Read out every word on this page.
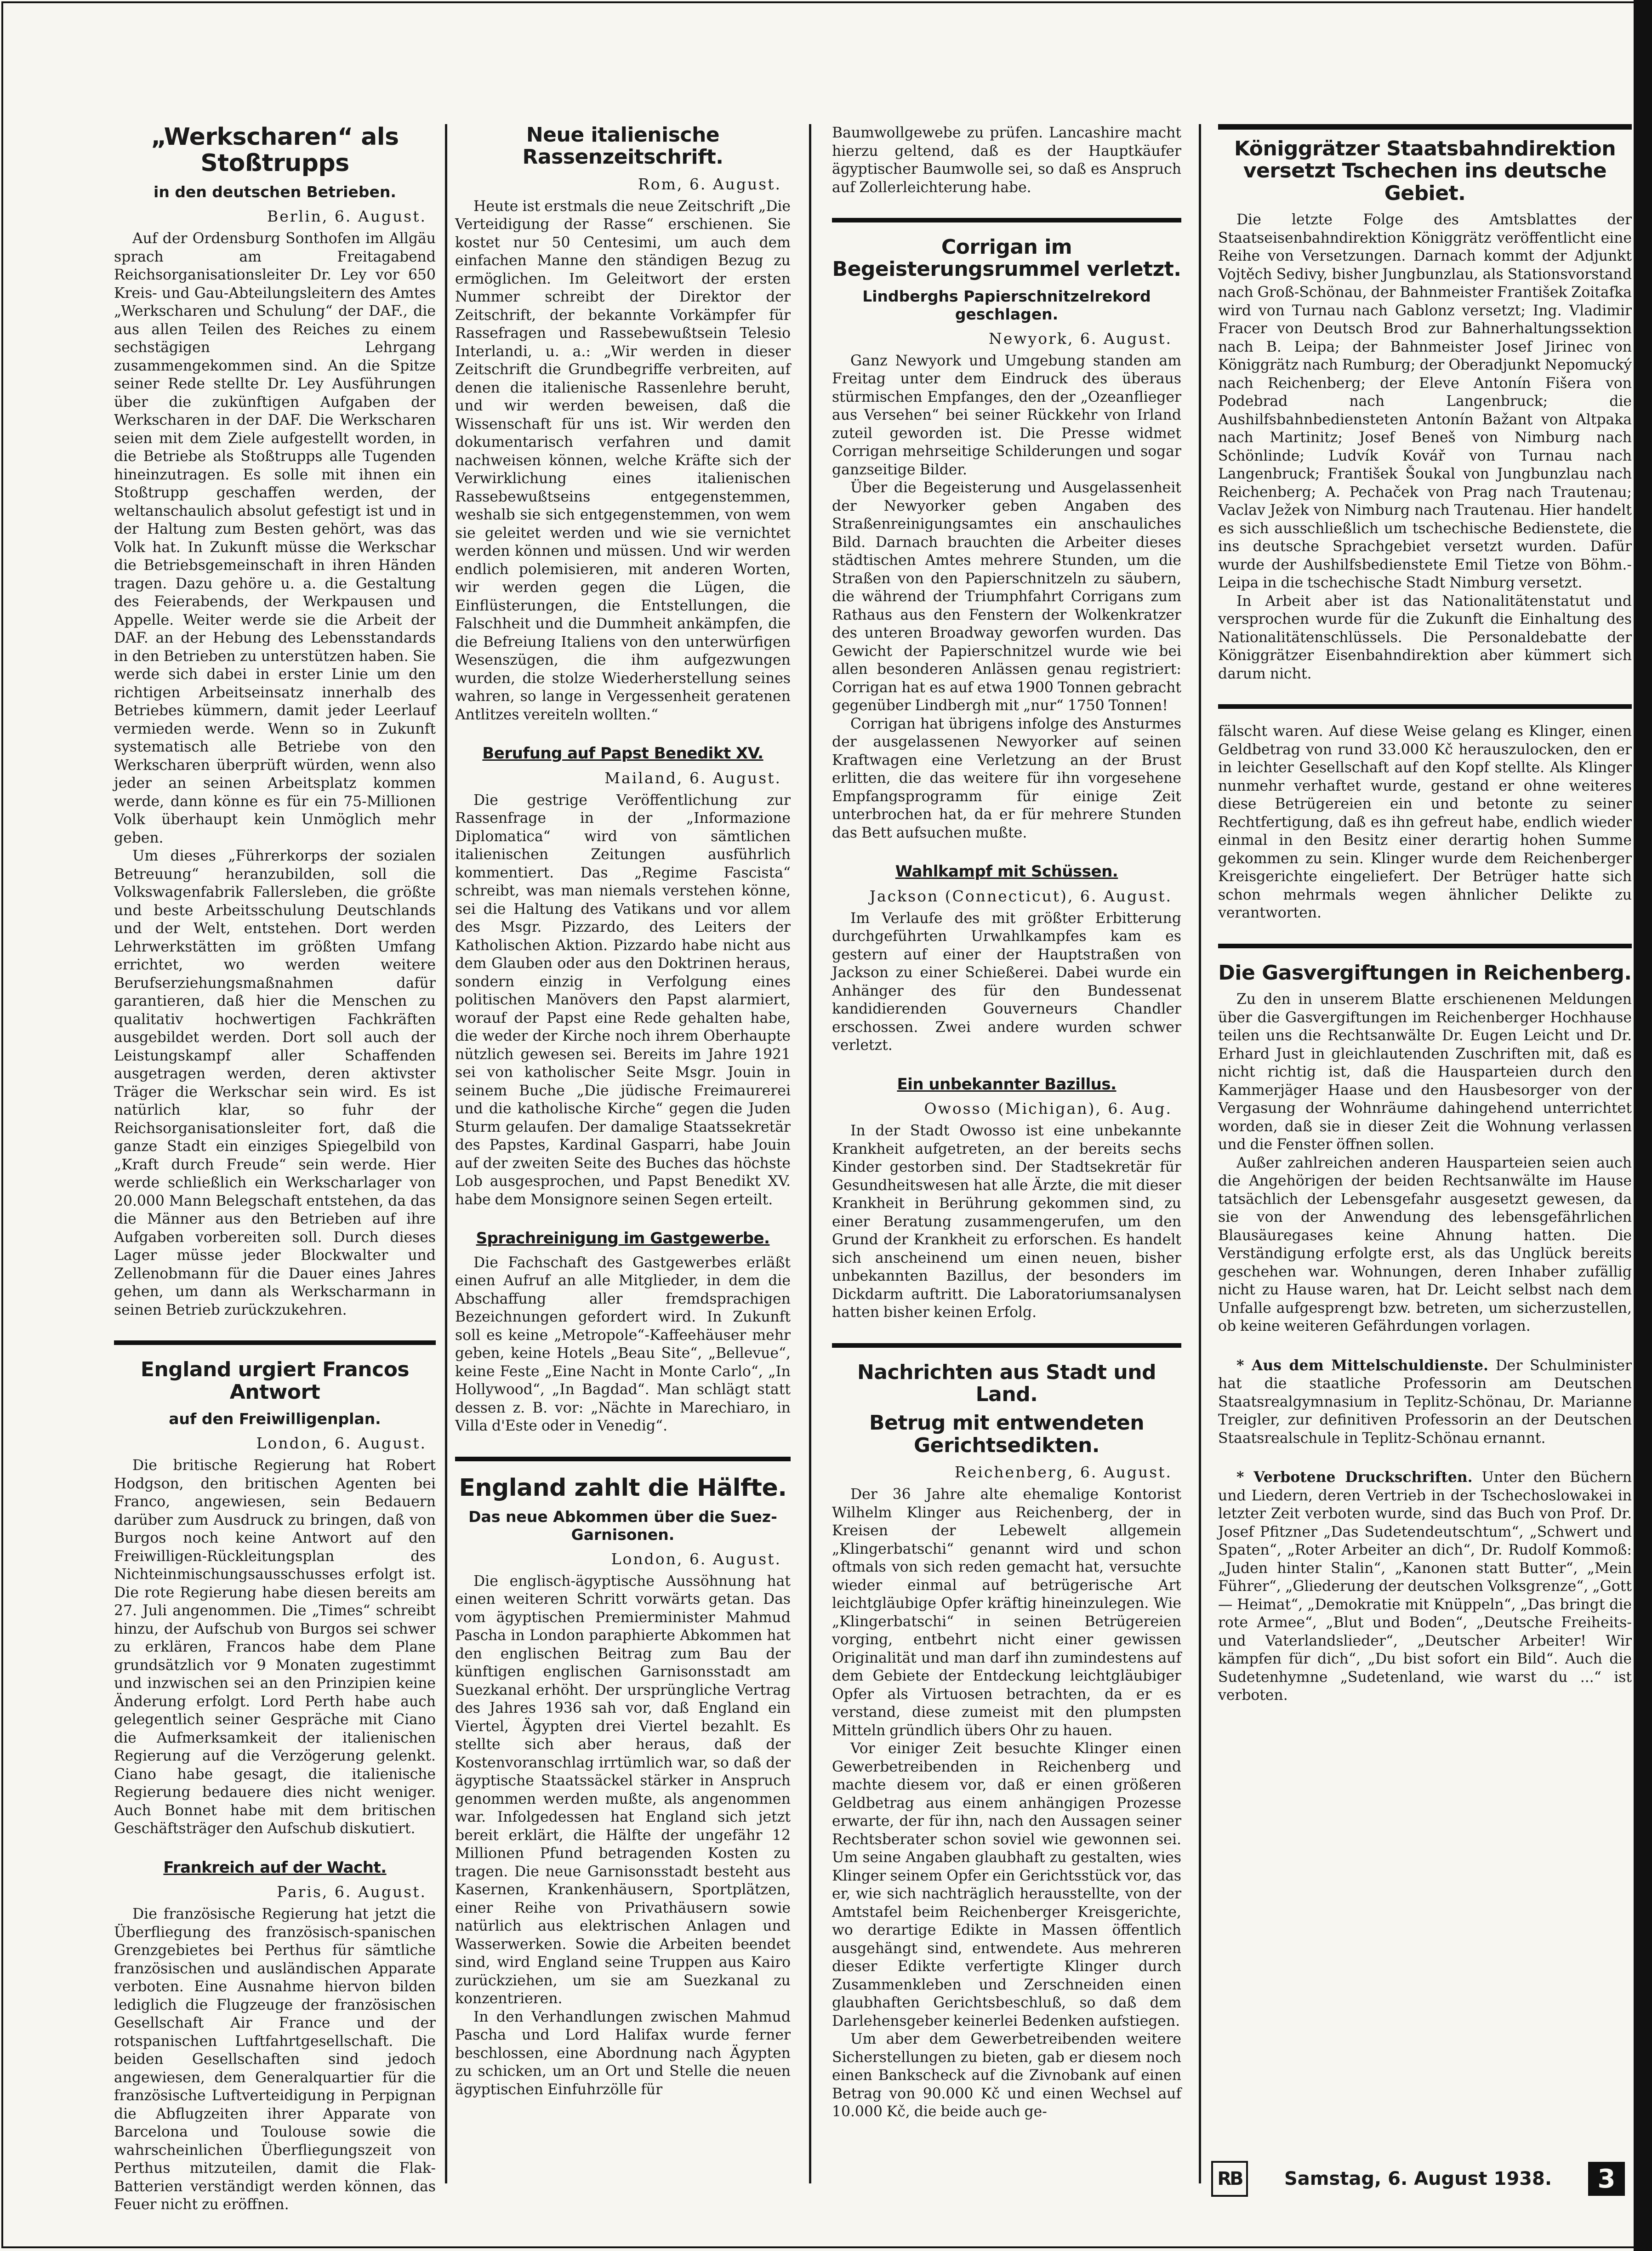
„Werkscharen“ als Stoßtrupps
in den deutschen Betrieben.
Berlin, 6. August.

Auf der Ordensburg Sonthofen im Allgäu sprach am Freitagabend Reichsorganisationsleiter Dr. Ley vor 650 Kreis- und Gau-Abteilungsleitern des Amtes „Werkscharen und Schulung“ der DAF., die aus allen Teilen des Reiches zu einem sechstägigen Lehrgang zusammengekommen sind. An die Spitze seiner Rede stellte Dr. Ley Ausführungen über die zukünftigen Aufgaben der Werkscharen in der DAF. Die Werkscharen seien mit dem Ziele aufgestellt worden, in die Betriebe als Stoßtrupps alle Tugenden hineinzutragen. Es solle mit ihnen ein Stoßtrupp geschaffen werden, der weltanschaulich absolut gefestigt ist und in der Haltung zum Besten gehört, was das Volk hat. In Zukunft müsse die Werkschar die Betriebsgemeinschaft in ihren Händen tragen. Dazu gehöre u. a. die Gestaltung des Feierabends, der Werkpausen und Appelle. Weiter werde sie die Arbeit der DAF. an der Hebung des Lebensstandards in den Betrieben zu unterstützen haben. Sie werde sich dabei in erster Linie um den richtigen Arbeitseinsatz innerhalb des Betriebes kümmern, damit jeder Leerlauf vermieden werde. Wenn so in Zukunft systematisch alle Betriebe von den Werkscharen überprüft würden, wenn also jeder an seinen Arbeitsplatz kommen werde, dann könne es für ein 75-Millionen Volk überhaupt kein Unmöglich mehr geben.

Um dieses „Führerkorps der sozialen Betreuung“ heranzubilden, soll die Volkswagenfabrik Fallersleben, die größte und beste Arbeitsschulung Deutschlands und der Welt, entstehen. Dort werden Lehrwerkstätten im größten Umfang errichtet, wo werden weitere Berufserziehungsmaßnahmen dafür garantieren, daß hier die Menschen zu qualitativ hochwertigen Fachkräften ausgebildet werden. Dort soll auch der Leistungskampf aller Schaffenden ausgetragen werden, deren aktivster Träger die Werkschar sein wird. Es ist natürlich klar, so fuhr der Reichsorganisationsleiter fort, daß die ganze Stadt ein einziges Spiegelbild von „Kraft durch Freude“ sein werde. Hier werde schließlich ein Werkscharlager von 20.000 Mann Belegschaft entstehen, da das die Männer aus den Betrieben auf ihre Aufgaben vorbereiten soll. Durch dieses Lager müsse jeder Blockwalter und Zellenobmann für die Dauer eines Jahres gehen, um dann als Werkscharmann in seinen Betrieb zurückzukehren.

England urgiert Francos Antwort
auf den Freiwilligenplan.
London, 6. August.

Die britische Regierung hat Robert Hodgson, den britischen Agenten bei Franco, angewiesen, sein Bedauern darüber zum Ausdruck zu bringen, daß von Burgos noch keine Antwort auf den Freiwilligen-Rückleitungsplan des Nichteinmischungsausschusses erfolgt ist. Die rote Regierung habe diesen bereits am 27. Juli angenommen. Die „Times“ schreibt hinzu, der Aufschub von Burgos sei schwer zu erklären, Francos habe dem Plane grundsätzlich vor 9 Monaten zugestimmt und inzwischen sei an den Prinzipien keine Änderung erfolgt. Lord Perth habe auch gelegentlich seiner Gespräche mit Ciano die Aufmerksamkeit der italienischen Regierung auf die Verzögerung gelenkt. Ciano habe gesagt, die italienische Regierung bedauere dies nicht weniger. Auch Bonnet habe mit dem britischen Geschäftsträger den Aufschub diskutiert.

Frankreich auf der Wacht.
Paris, 6. August.

Die französische Regierung hat jetzt die Überfliegung des französisch-spanischen Grenzgebietes bei Perthus für sämtliche französischen und ausländischen Apparate verboten. Eine Ausnahme hiervon bilden lediglich die Flugzeuge der französischen Gesellschaft Air France und der rotspanischen Luftfahrtgesellschaft. Die beiden Gesellschaften sind jedoch angewiesen, dem Generalquartier für die französische Luftverteidigung in Perpignan die Abflugzeiten ihrer Apparate von Barcelona und Toulouse sowie die wahrscheinlichen Überfliegungszeit von Perthus mitzuteilen, damit die Flak-Batterien verständigt werden können, das Feuer nicht zu eröffnen.

Neue italienische Rassenzeitschrift.
Rom, 6. August.

Heute ist erstmals die neue Zeitschrift „Die Verteidigung der Rasse“ erschienen. Sie kostet nur 50 Centesimi, um auch dem einfachen Manne den ständigen Bezug zu ermöglichen. Im Geleitwort der ersten Nummer schreibt der Direktor der Zeitschrift, der bekannte Vorkämpfer für Rassefragen und Rassebewußtsein Telesio Interlandi, u. a.: „Wir werden in dieser Zeitschrift die Grundbegriffe verbreiten, auf denen die italienische Rassenlehre beruht, und wir werden beweisen, daß die Wissenschaft für uns ist. Wir werden den dokumentarisch verfahren und damit nachweisen können, welche Kräfte sich der Verwirklichung eines italienischen Rassebewußtseins entgegenstemmen, weshalb sie sich entgegenstemmen, von wem sie geleitet werden und wie sie vernichtet werden können und müssen. Und wir werden endlich polemisieren, mit anderen Worten, wir werden gegen die Lügen, die Einflüsterungen, die Entstellungen, die Falschheit und die Dummheit ankämpfen, die die Befreiung Italiens von den unterwürfigen Wesenszügen, die ihm aufgezwungen wurden, die stolze Wiederherstellung seines wahren, so lange in Vergessenheit geratenen Antlitzes vereiteln wollten.“

Berufung auf Papst Benedikt XV.
Mailand, 6. August.

Die gestrige Veröffentlichung zur Rassenfrage in der „Informazione Diplomatica“ wird von sämtlichen italienischen Zeitungen ausführlich kommentiert. Das „Regime Fascista“ schreibt, was man niemals verstehen könne, sei die Haltung des Vatikans und vor allem des Msgr. Pizzardo, des Leiters der Katholischen Aktion. Pizzardo habe nicht aus dem Glauben oder aus den Doktrinen heraus, sondern einzig in Verfolgung eines politischen Manövers den Papst alarmiert, worauf der Papst eine Rede gehalten habe, die weder der Kirche noch ihrem Oberhaupte nützlich gewesen sei. Bereits im Jahre 1921 sei von katholischer Seite Msgr. Jouin in seinem Buche „Die jüdische Freimaurerei und die katholische Kirche“ gegen die Juden Sturm gelaufen. Der damalige Staatssekretär des Papstes, Kardinal Gasparri, habe Jouin auf der zweiten Seite des Buches das höchste Lob ausgesprochen, und Papst Benedikt XV. habe dem Monsignore seinen Segen erteilt.

Sprachreinigung im Gastgewerbe.

Die Fachschaft des Gastgewerbes erläßt einen Aufruf an alle Mitglieder, in dem die Abschaffung aller fremdsprachigen Bezeichnungen gefordert wird. In Zukunft soll es keine „Metropole“-Kaffeehäuser mehr geben, keine Hotels „Beau Site“, „Bellevue“, keine Feste „Eine Nacht in Monte Carlo“, „In Hollywood“, „In Bagdad“. Man schlägt statt dessen z. B. vor: „Nächte in Marechiaro, in Villa d'Este oder in Venedig“.

England zahlt die Hälfte.
Das neue Abkommen über die Suez-Garnisonen.
London, 6. August.

Die englisch-ägyptische Aussöhnung hat einen weiteren Schritt vorwärts getan. Das vom ägyptischen Premierminister Mahmud Pascha in London paraphierte Abkommen hat den englischen Beitrag zum Bau der künftigen englischen Garnisonsstadt am Suezkanal erhöht. Der ursprüngliche Vertrag des Jahres 1936 sah vor, daß England ein Viertel, Ägypten drei Viertel bezahlt. Es stellte sich aber heraus, daß der Kostenvoranschlag irrtümlich war, so daß der ägyptische Staatssäckel stärker in Anspruch genommen werden mußte, als angenommen war. Infolgedessen hat England sich jetzt bereit erklärt, die Hälfte der ungefähr 12 Millionen Pfund betragenden Kosten zu tragen. Die neue Garnisonsstadt besteht aus Kasernen, Krankenhäusern, Sportplätzen, einer Reihe von Privathäusern sowie natürlich aus elektrischen Anlagen und Wasserwerken. Sowie die Arbeiten beendet sind, wird England seine Truppen aus Kairo zurückziehen, um sie am Suezkanal zu konzentrieren.

In den Verhandlungen zwischen Mahmud Pascha und Lord Halifax wurde ferner beschlossen, eine Abordnung nach Ägypten zu schicken, um an Ort und Stelle die neuen ägyptischen Einfuhrzölle für

Baumwollgewebe zu prüfen. Lancashire macht hierzu geltend, daß es der Hauptkäufer ägyptischer Baumwolle sei, so daß es Anspruch auf Zollerleichterung habe.

Corrigan im Begeisterungsrummel verletzt.
Lindberghs Papierschnitzelrekord geschlagen.
Newyork, 6. August.

Ganz Newyork und Umgebung standen am Freitag unter dem Eindruck des überaus stürmischen Empfanges, den der „Ozeanflieger aus Versehen“ bei seiner Rückkehr von Irland zuteil geworden ist. Die Presse widmet Corrigan mehrseitige Schilderungen und sogar ganzseitige Bilder.

Über die Begeisterung und Ausgelassenheit der Newyorker geben Angaben des Straßenreinigungsamtes ein anschauliches Bild. Darnach brauchten die Arbeiter dieses städtischen Amtes mehrere Stunden, um die Straßen von den Papierschnitzeln zu säubern, die während der Triumphfahrt Corrigans zum Rathaus aus den Fenstern der Wolkenkratzer des unteren Broadway geworfen wurden. Das Gewicht der Papierschnitzel wurde wie bei allen besonderen Anlässen genau registriert: Corrigan hat es auf etwa 1900 Tonnen gebracht gegenüber Lindbergh mit „nur“ 1750 Tonnen!

Corrigan hat übrigens infolge des Ansturmes der ausgelassenen Newyorker auf seinen Kraftwagen eine Verletzung an der Brust erlitten, die das weitere für ihn vorgesehene Empfangsprogramm für einige Zeit unterbrochen hat, da er für mehrere Stunden das Bett aufsuchen mußte.

Wahlkampf mit Schüssen.
Jackson (Connecticut), 6. August.

Im Verlaufe des mit größter Erbitterung durchgeführten Urwahlkampfes kam es gestern auf einer der Hauptstraßen von Jackson zu einer Schießerei. Dabei wurde ein Anhänger des für den Bundessenat kandidierenden Gouverneurs Chandler erschossen. Zwei andere wurden schwer verletzt.

Ein unbekannter Bazillus.
Owosso (Michigan), 6. Aug.

In der Stadt Owosso ist eine unbekannte Krankheit aufgetreten, an der bereits sechs Kinder gestorben sind. Der Stadtsekretär für Gesundheitswesen hat alle Ärzte, die mit dieser Krankheit in Berührung gekommen sind, zu einer Beratung zusammengerufen, um den Grund der Krankheit zu erforschen. Es handelt sich anscheinend um einen neuen, bisher unbekannten Bazillus, der besonders im Dickdarm auftritt. Die Laboratoriumsanalysen hatten bisher keinen Erfolg.

Nachrichten aus Stadt und Land.
Betrug mit entwendeten Gerichtsedikten.
Reichenberg, 6. August.

Der 36 Jahre alte ehemalige Kontorist Wilhelm Klinger aus Reichenberg, der in Kreisen der Lebewelt allgemein „Klingerbatschi“ genannt wird und schon oftmals von sich reden gemacht hat, versuchte wieder einmal auf betrügerische Art leichtgläubige Opfer kräftig hineinzulegen. Wie „Klingerbatschi“ in seinen Betrügereien vorging, entbehrt nicht einer gewissen Originalität und man darf ihn zumindestens auf dem Gebiete der Entdeckung leichtgläubiger Opfer als Virtuosen betrachten, da er es verstand, diese zumeist mit den plumpsten Mitteln gründlich übers Ohr zu hauen.

Vor einiger Zeit besuchte Klinger einen Gewerbetreibenden in Reichenberg und machte diesem vor, daß er einen größeren Geldbetrag aus einem anhängigen Prozesse erwarte, der für ihn, nach den Aussagen seiner Rechtsberater schon soviel wie gewonnen sei. Um seine Angaben glaubhaft zu gestalten, wies Klinger seinem Opfer ein Gerichtsstück vor, das er, wie sich nachträglich herausstellte, von der Amtstafel beim Reichenberger Kreisgerichte, wo derartige Edikte in Massen öffentlich ausgehängt sind, entwendete. Aus mehreren dieser Edikte verfertigte Klinger durch Zusammenkleben und Zerschneiden einen glaubhaften Gerichtsbeschluß, so daß dem Darlehensgeber keinerlei Bedenken aufstiegen.

Um aber dem Gewerbetreibenden weitere Sicherstellungen zu bieten, gab er diesem noch einen Bankscheck auf die Zivnobank auf einen Betrag von 90.000 Kč und einen Wechsel auf 10.000 Kč, die beide auch ge-

Königgrätzer Staatsbahndirektion versetzt Tschechen ins deutsche Gebiet.

Die letzte Folge des Amtsblattes der Staatseisenbahndirektion Königgrätz veröffentlicht eine Reihe von Versetzungen. Darnach kommt der Adjunkt Vojtěch Sedivy, bisher Jungbunzlau, als Stationsvorstand nach Groß-Schönau, der Bahnmeister František Zoitafka wird von Turnau nach Gablonz versetzt; Ing. Vladimir Fracer von Deutsch Brod zur Bahnerhaltungssektion nach B. Leipa; der Bahnmeister Josef Jirinec von Königgrätz nach Rumburg; der Oberadjunkt Nepomucký nach Reichenberg; der Eleve Antonín Fišera von Podebrad nach Langenbruck; die Aushilfsbahnbediensteten Antonín Bažant von Altpaka nach Martinitz; Josef Beneš von Nimburg nach Schönlinde; Ludvík Kovář von Turnau nach Langenbruck; František Šoukal von Jungbunzlau nach Reichenberg; A. Pechaček von Prag nach Trautenau; Vaclav Ježek von Nimburg nach Trautenau. Hier handelt es sich ausschließlich um tschechische Bedienstete, die ins deutsche Sprachgebiet versetzt wurden. Dafür wurde der Aushilfsbedienstete Emil Tietze von Böhm.-Leipa in die tschechische Stadt Nimburg versetzt.

In Arbeit aber ist das Nationalitätenstatut und versprochen wurde für die Zukunft die Einhaltung des Nationalitätenschlüssels. Die Personaldebatte der Königgrätzer Eisenbahndirektion aber kümmert sich darum nicht.

fälscht waren. Auf diese Weise gelang es Klinger, einen Geldbetrag von rund 33.000 Kč herauszulocken, den er in leichter Gesellschaft auf den Kopf stellte. Als Klinger nunmehr verhaftet wurde, gestand er ohne weiteres diese Betrügereien ein und betonte zu seiner Rechtfertigung, daß es ihn gefreut habe, endlich wieder einmal in den Besitz einer derartig hohen Summe gekommen zu sein. Klinger wurde dem Reichenberger Kreisgerichte eingeliefert. Der Betrüger hatte sich schon mehrmals wegen ähnlicher Delikte zu verantworten.

Die Gasvergiftungen in Reichenberg.

Zu den in unserem Blatte erschienenen Meldungen über die Gasvergiftungen im Reichenberger Hochhause teilen uns die Rechtsanwälte Dr. Eugen Leicht und Dr. Erhard Just in gleichlautenden Zuschriften mit, daß es nicht richtig ist, daß die Hausparteien durch den Kammerjäger Haase und den Hausbesorger von der Vergasung der Wohnräume dahingehend unterrichtet worden, daß sie in dieser Zeit die Wohnung verlassen und die Fenster öffnen sollen.

Außer zahlreichen anderen Hausparteien seien auch die Angehörigen der beiden Rechtsanwälte im Hause tatsächlich der Lebensgefahr ausgesetzt gewesen, da sie von der Anwendung des lebensgefährlichen Blausäuregases keine Ahnung hatten. Die Verständigung erfolgte erst, als das Unglück bereits geschehen war. Wohnungen, deren Inhaber zufällig nicht zu Hause waren, hat Dr. Leicht selbst nach dem Unfalle aufgesprengt bzw. betreten, um sicherzustellen, ob keine weiteren Gefährdungen vorlagen.

* Aus dem Mittelschuldienste. Der Schulminister hat die staatliche Professorin am Deutschen Staatsrealgymnasium in Teplitz-Schönau, Dr. Marianne Treigler, zur definitiven Professorin an der Deutschen Staatsrealschule in Teplitz-Schönau ernannt.

* Verbotene Druckschriften. Unter den Büchern und Liedern, deren Vertrieb in der Tschechoslowakei in letzter Zeit verboten wurde, sind das Buch von Prof. Dr. Josef Pfitzner „Das Sudetendeutschtum“, „Schwert und Spaten“, „Roter Arbeiter an dich“, Dr. Rudolf Kommoß: „Juden hinter Stalin“, „Kanonen statt Butter“, „Mein Führer“, „Gliederung der deutschen Volksgrenze“, „Gott — Heimat“, „Demokratie mit Knüppeln“, „Das bringt die rote Armee“, „Blut und Boden“, „Deutsche Freiheits- und Vaterlandslieder“, „Deutscher Arbeiter! Wir kämpfen für dich“, „Du bist sofort ein Bild“. Auch die Sudetenhymne „Sudetenland, wie warst du ...“ ist verboten.

RB	Samstag, 6. August 1938.	3
